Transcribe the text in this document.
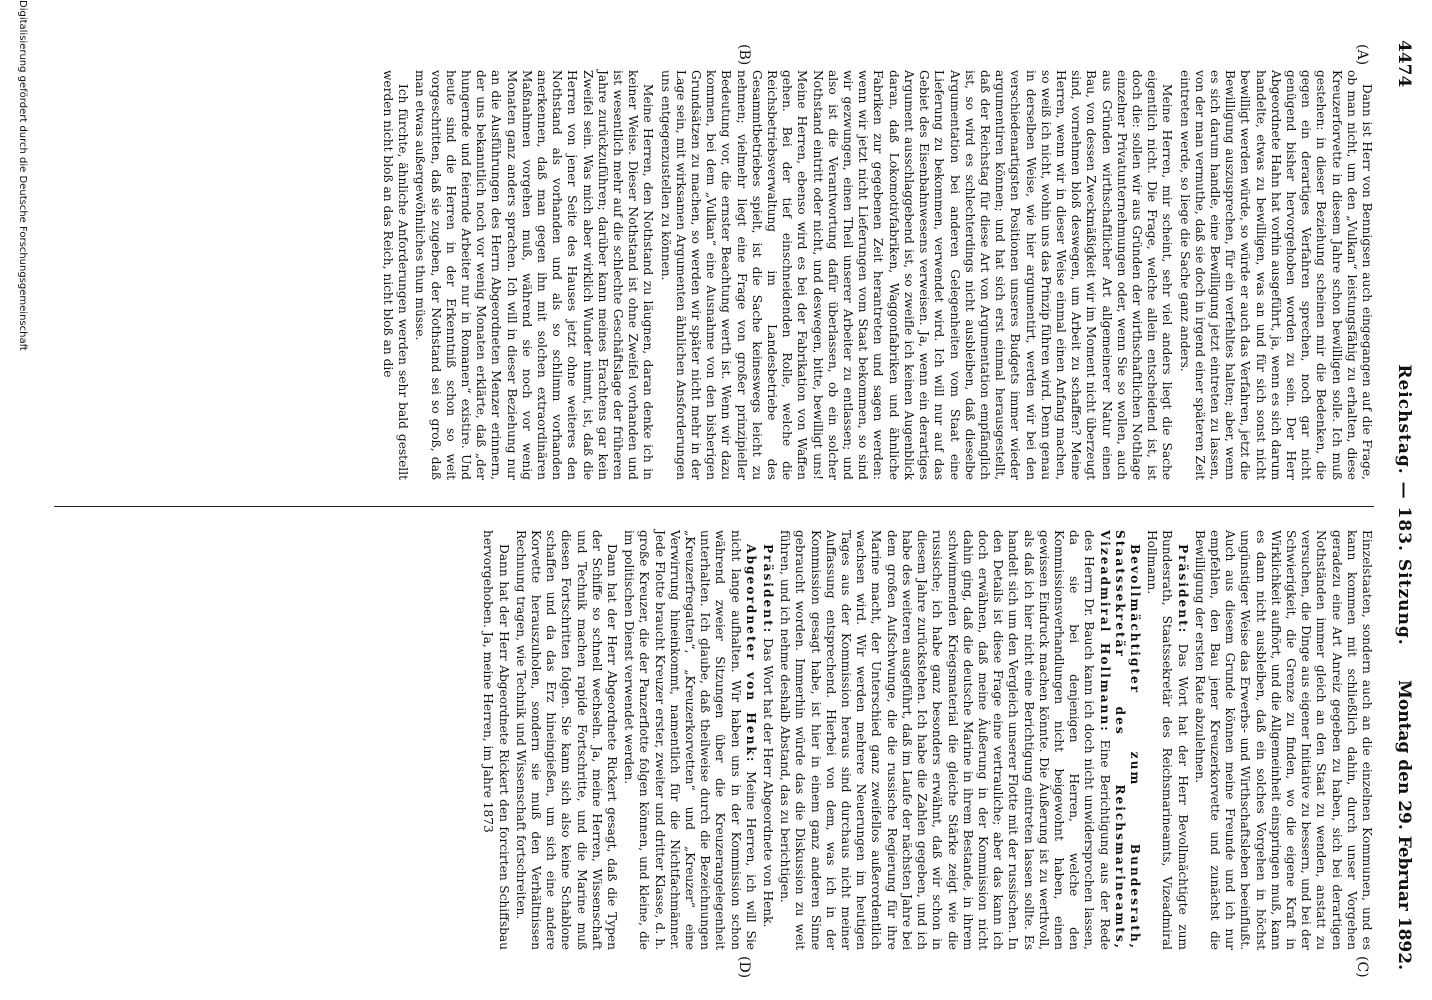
4474
Reichstag. — 183. Sitzung.
Montag den 29. Februar 1892.
(A)
(B)
(C)
(D)

Dann ist Herr von Bennigsen auch eingegangen auf die Frage, ob man nicht, um den „Vulkan“ leistungsfähig zu erhalten, diese Kreuzerforvette in diesem Jahre schon bewilligen solle. Ich muß gestehen: in dieser Beziehung scheinen mir die Bedenken, die gegen ein derartiges Verfahren sprechen, noch gar nicht genügend bisher hervorgehoben worden zu sein. Der Herr Abgeordnete Hahn hat vorhin ausgeführt, ja, wenn es sich darum handelte, etwas zu bewilligen, was an und für sich sonst nicht bewilligt werden würde, so würde er auch das Verfahren, jetzt die Bewilligung auszusprechen, für ein verfehltes halten; aber, wenn es sich darum handle, eine Bewilligung jetzt eintreten zu lassen, von der man vermuthe, daß sie doch in irgend einer späteren Zeit eintreten werde, so liege die Sache ganz anders.

Meine Herren, mir scheint, sehr viel anders liegt die Sache eigentlich nicht. Die Frage, welche allein entscheidend ist, ist doch die: sollen wir aus Gründen der wirthschaftlichen Nothlage einzelner Privatunternehmungen oder, wenn Sie so wollen, auch aus Gründen wirthschaftlicher Art allgemeinerer Natur einen Bau, von dessen Zweckmäßigkeit wir im Moment nicht überzeugt sind, vornehmen bloß deswegen, um Arbeit zu schaffen? Meine Herren, wenn wir in dieser Weise einmal einen Anfang machen, so weiß ich nicht, wohin uns das Prinzip führen wird. Denn genau in derselben Weise, wie hier argumentirt, werden wir bei den verschiedenartigsten Positionen unseres Budgets immer wieder argumentiren können; und hat sich erst einmal herausgestellt, daß der Reichstag für diese Art von Argumentation empfänglich ist, so wird es schlechterdings nicht ausbleiben, daß dieselbe Argumentation bei anderen Gelegenheiten vom Staat eine Lieferung zu bekommen, verwendet wird. Ich will nur auf das Gebiet des Eisenbahnwesens verweisen. Ja, wenn ein derartiges Argument ausschlaggebend ist, so zweifle ich keinen Augenblick daran, daß Lokomotivfabriken, Waggonfabriken und ähnliche Fabriken zur gegebenen Zeit herantreten und sagen werden: wenn wir jetzt nicht Lieferungen vom Staat bekommen, so sind wir gezwungen, einen Theil unserer Arbeiter zu entlassen; und also ist die Verantwortung dafür überlassen, ob ein solcher Nothstand eintritt oder nicht, und deswegen, bitte, bewilligt uns! Meine Herren, ebenso wird es bei der Fabrikation von Waffen gehen. Bei der tief einschneidenden Rolle, welche die Reichsbetriebsverwaltung im Landesbetriebe des Gesammtbetriebes spielt, ist die Sache keineswegs leicht zu nehmen; vielmehr liegt eine Frage von großer prinzipieller Bedeutung vor, die ernster Beachtung werth ist. Wenn wir dazu kommen, bei dem „Vulkan“ eine Ausnahme von den bisherigen Grundsätzen zu machen, so werden wir später nicht mehr in der Lage sein, mit wirksamen Argumenten ähnlichen Ansforderungen uns entgegenzustellen zu können.

Meine Herren, den Nothstand zu läugnen, daran denke ich in keiner Weise. Dieser Nothstand ist ohne Zweifel vorhanden und ist wesentlich mehr auf die schlechte Geschäftslage der früheren Jahre zurückzuführen; darüber kann meines Erachtens gar kein Zweifel sein. Was mich aber wirklich Wunder nimmt, ist, daß die Herren von jener Seite des Hauses jetzt ohne weiteres den Nothstand als vorhanden und als so schlimm vorhanden anerkennen, daß man gegen ihn mit solchen extraordinären Maßnahmen vorgehen muß, während sie noch vor wenig Monaten ganz anders sprachen. Ich will in dieser Beziehung nur an die Ausführungen des Herrn Abgeordneten Menzer erinnern, der uns bekanntlich noch vor wenig Monaten erklärte, daß „der hungernde und feiernde Arbeiter nur in Romanen“ existire. Und heute sind die Herren in der Erkenntniß schon so weit vorgeschritten, daß sie zugeben, der Nothstand sei so groß, daß man etwas außergewöhnliches thun müsse.

Ich fürchte, ähnliche Anforderungen werden sehr bald gestellt werden nicht bloß an das Reich, nicht bloß an die

Einzelstaaten, sondern auch an die einzelnen Kommunen, und es kann kommen mit schließlich dahin, durch unser Vorgehen geradezu eine Art Anreiz gegeben zu haben, sich bei derartigen Nothständen immer gleich an den Staat zu wenden, anstatt zu versuchen, die Dinge aus eigener Initiative zu bessern, und bei der Schwierigkeit, die Grenze zu finden, wo die eigene Kraft in Wirklichkeit aufhört, und die Allgemeinheit einspringen muß, kann es dann nicht ausbleiben, daß ein solches Vorgehen in höchst ungünstiger Weise das Erwerbs- und Wirthschaftsleben beeinflußt. Auch aus diesem Grunde können meine Freunde und ich nur empfehlen, den Bau jener Kreuzerkorvette und zunächst die Bewilligung der ersten Rate abzulehnen.

Präsident: Das Wort hat der Herr Bevollmächtigte zum Bundesrath, Staatssekretär des Reichsmarineamts, Vizeadmiral Hollmann.

Bevollmächtigter zum Bundesrath, Staatssekretär des Reichsmarineamts, Vizeadmiral Hollmann: Eine Berichtigung aus der Rede des Herrn Dr. Bauch kann ich doch nicht unwidersprochen lassen, da sie bei denjenigen Herren, welche den Kommissionsverhandlungen nicht beigewohnt haben, einen gewissen Eindruck machen könnte. Die Äußerung ist zu werthvoll, als daß ich hier nicht eine Berichtigung eintreten lassen sollte. Es handelt sich um den Vergleich unserer Flotte mit der russischen. In den Details ist diese Frage eine vertrauliche; aber das kann ich doch erwähnen, daß meine Äußerung in der Kommission nicht dahin ging, daß die deutsche Marine in ihrem Bestande, in ihrem schwimmenden Kriegsmaterial die gleiche Stärke zeigt wie die russische; ich habe ganz besonders erwähnt, daß wir schon in diesem Jahre zurückstehen. Ich habe die Zahlen gegeben, und ich habe des weiteren ausgeführt, daß im Laufe der nächsten Jahre bei dem großen Aufschwunge, die die russische Regierung für ihre Marine macht, der Unterschied ganz zweifellos außerordentlich wachsen wird. Wir werden mehrere Neuerungen im heutigen Tages aus der Kommission heraus sind durchaus nicht meiner Auffassung entsprechend. Hierbei von dem, was ich in der Kommission gesagt habe, ist hier in einem ganz anderen Sinne gebraucht worden. Immerhin würde das die Diskussion zu weit führen, und ich nehme deshalb Abstand, das zu berichtigen.

Präsident: Das Wort hat der Herr Abgeordnete von Henk.

Abgeordneter von Henk: Meine Herren, ich will Sie nicht lange aufhalten. Wir haben uns in der Kommission schon während zweier Sitzungen über die Kreuzerangelegenheit unterhalten. Ich glaube, daß theilweise durch die Bezeichnungen „Kreuzerfregatten“, „Kreuzerkorvetten“ und „Kreuzer“ eine Verwirrung hineinkommt, namentlich für die Nichtfachmänner. Jede Flotte braucht Kreuzer erster, zweiter und dritter Klasse, d. h. große Kreuzer, die der Panzerflotte folgen können, und kleine, die im politischen Dienst verwendet werden.

Dann hat der Herr Abgeordnete Rickert gesagt, daß die Typen der Schiffe so schnell wechseln. Ja, meine Herren, Wissenschaft und Technik machen rapide Fortschritte, und die Marine muß diesen Fortschritten folgen. Sie kann sich also keine Schablone schaffen und da das Erz hineingießen, um sich eine andere Korvette herauszuholen, sondern sie muß den Verhältnissen Rechnung tragen, wie Technik und Wissenschaft fortschreiten.

Dann hat der Herr Abgeordnete Rickert den forcirten Schiffsbau hervorgehoben. Ja, meine Herren, im Jahre 1873

Digitalisierung gefördert durch die Deutsche Forschungsgemeinschaft
